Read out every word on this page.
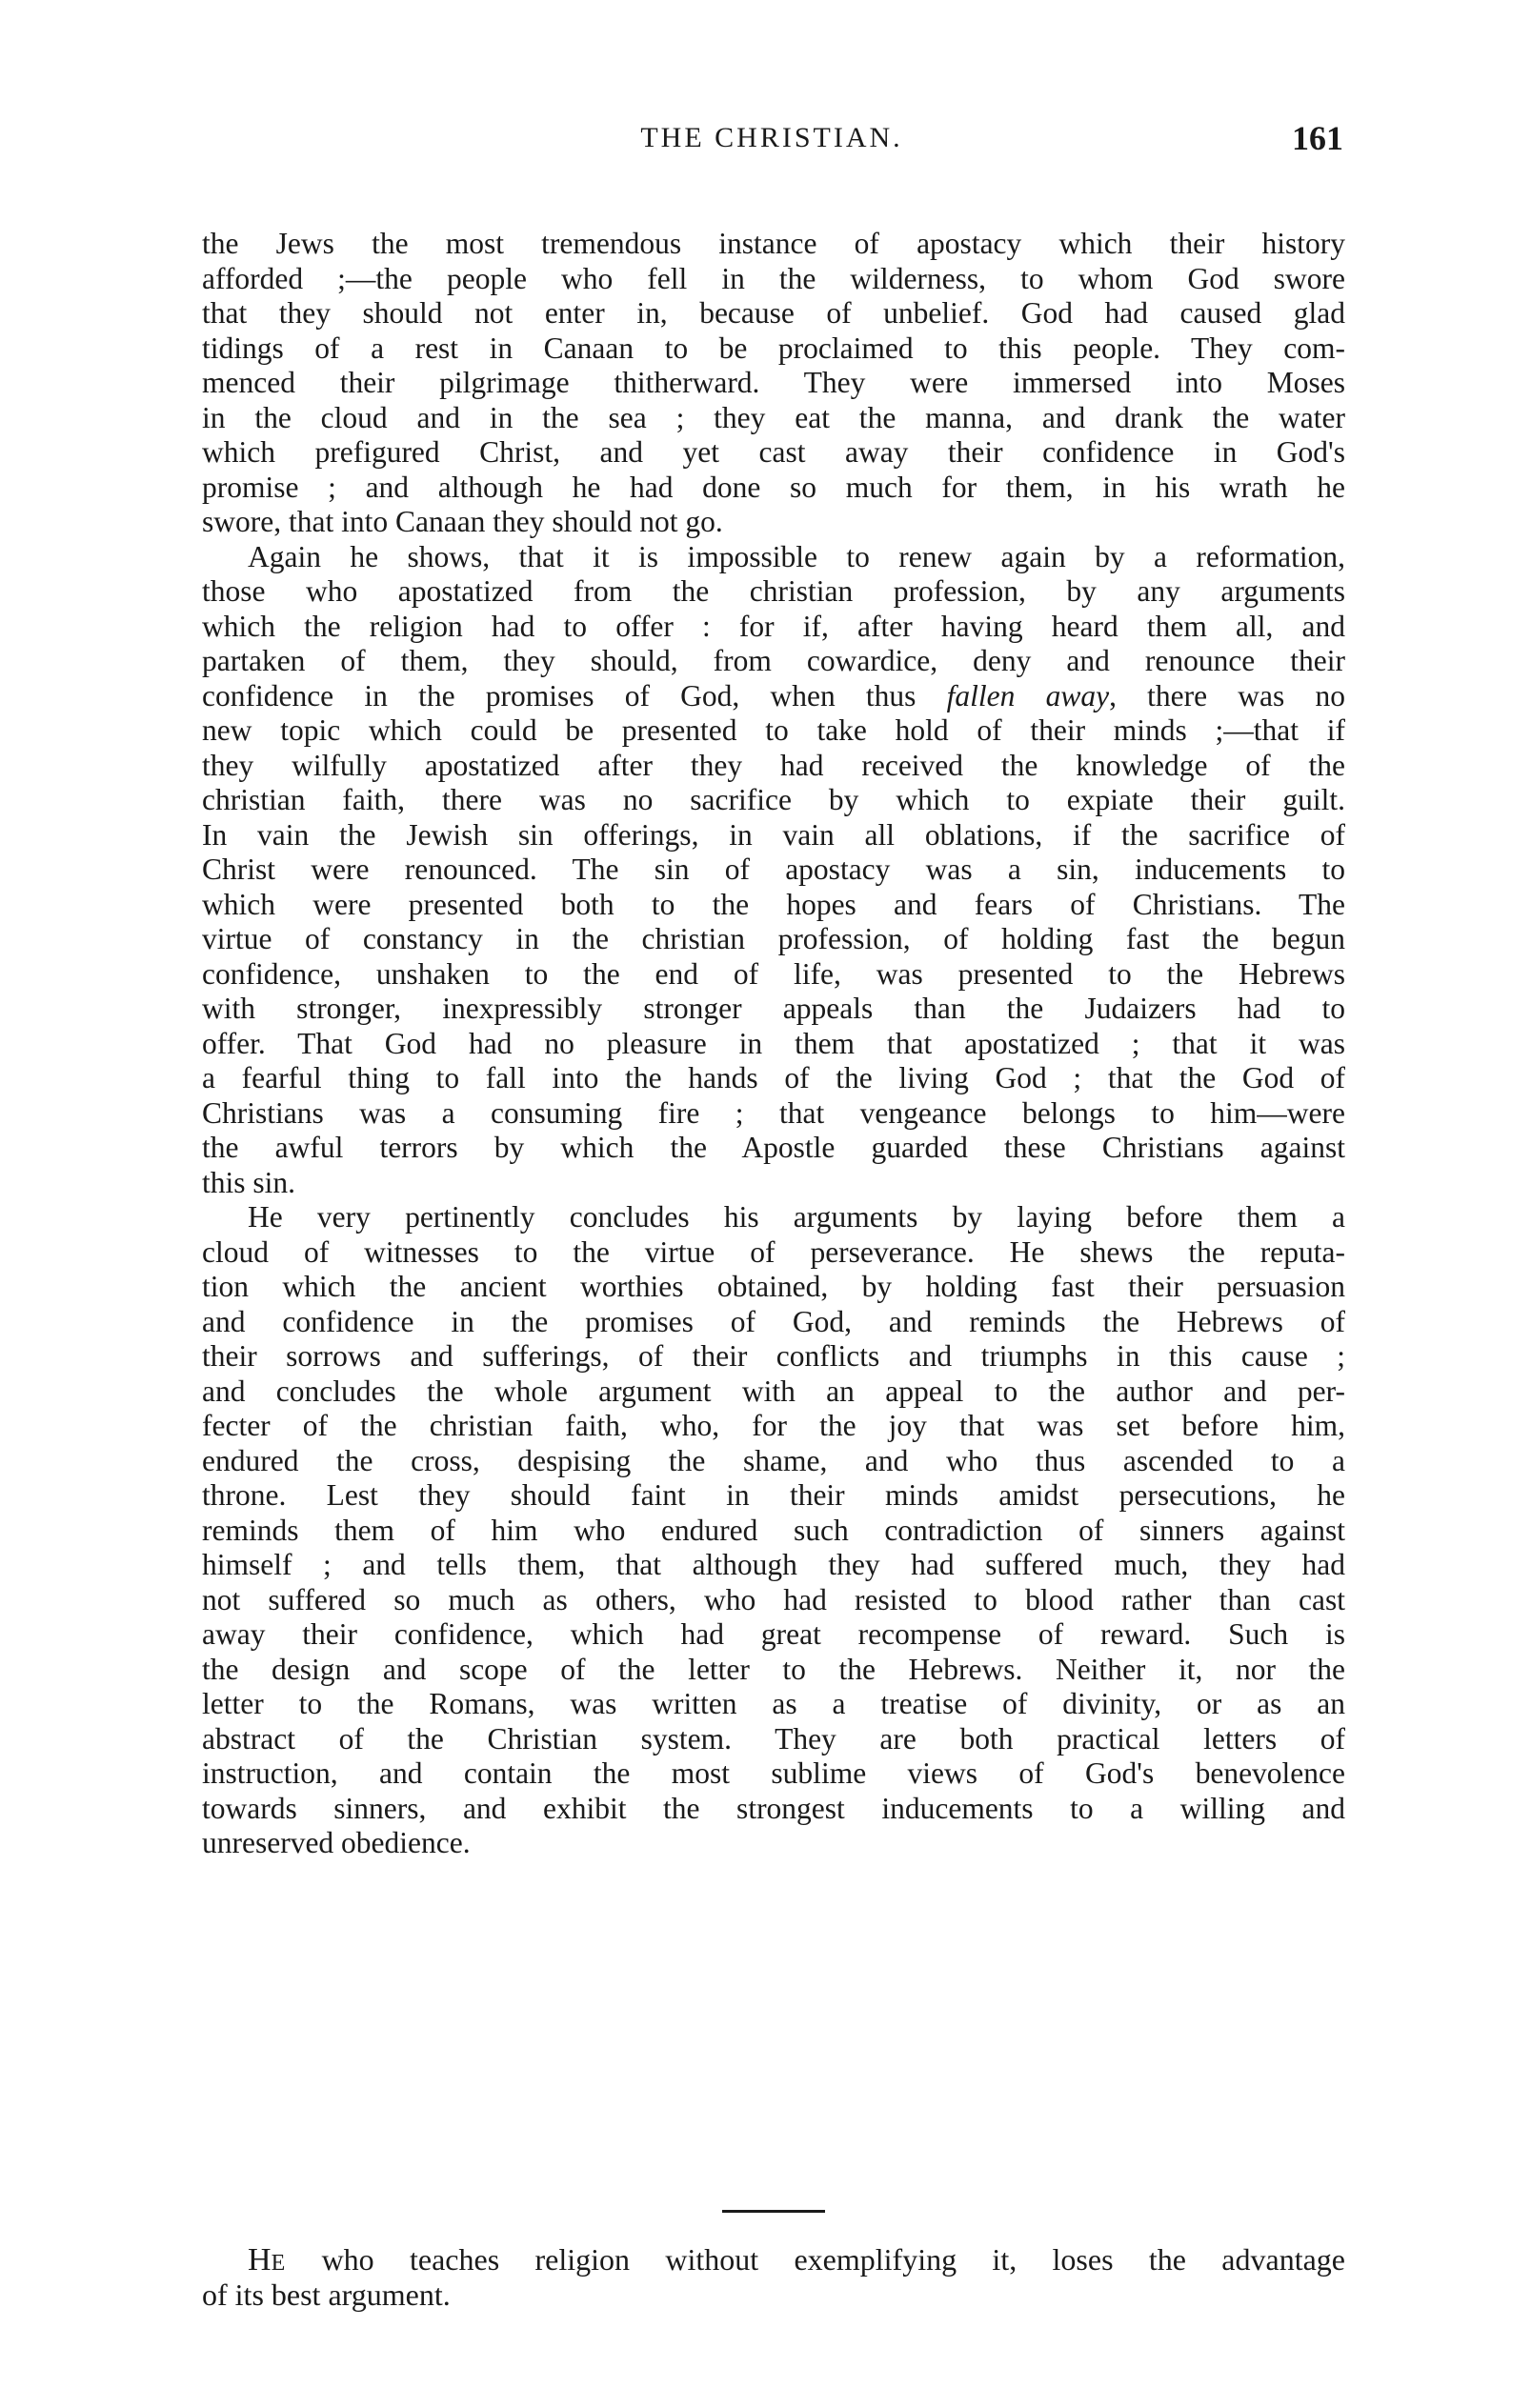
THE CHRISTIAN.	161
the Jews the most tremendous instance of apostacy which their history
afforded ;—the people who fell in the wilderness, to whom God swore
that they should not enter in, because of unbelief. God had caused glad
tidings of a rest in Canaan to be proclaimed to this people. They com-
menced their pilgrimage thitherward. They were immersed into Moses
in the cloud and in the sea ; they eat the manna, and drank the water
which prefigured Christ, and yet cast away their confidence in God's
promise ; and although he had done so much for them, in his wrath he
swore, that into Canaan they should not go.
Again he shows, that it is impossible to renew again by a reformation,
those who apostatized from the christian profession, by any arguments
which the religion had to offer : for if, after having heard them all, and
partaken of them, they should, from cowardice, deny and renounce their
confidence in the promises of God, when thus fallen away, there was no
new topic which could be presented to take hold of their minds ;—that if
they wilfully apostatized after they had received the knowledge of the
christian faith, there was no sacrifice by which to expiate their guilt.
In vain the Jewish sin offerings, in vain all oblations, if the sacrifice of
Christ were renounced. The sin of apostacy was a sin, inducements to
which were presented both to the hopes and fears of Christians. The
virtue of constancy in the christian profession, of holding fast the begun
confidence, unshaken to the end of life, was presented to the Hebrews
with stronger, inexpressibly stronger appeals than the Judaizers had to
offer. That God had no pleasure in them that apostatized ; that it was
a fearful thing to fall into the hands of the living God ; that the God of
Christians was a consuming fire ; that vengeance belongs to him—were
the awful terrors by which the Apostle guarded these Christians against
this sin.
He very pertinently concludes his arguments by laying before them a
cloud of witnesses to the virtue of perseverance. He shews the reputa-
tion which the ancient worthies obtained, by holding fast their persuasion
and confidence in the promises of God, and reminds the Hebrews of
their sorrows and sufferings, of their conflicts and triumphs in this cause ;
and concludes the whole argument with an appeal to the author and per-
fecter of the christian faith, who, for the joy that was set before him,
endured the cross, despising the shame, and who thus ascended to a
throne. Lest they should faint in their minds amidst persecutions, he
reminds them of him who endured such contradiction of sinners against
himself ; and tells them, that although they had suffered much, they had
not suffered so much as others, who had resisted to blood rather than cast
away their confidence, which had great recompense of reward. Such is
the design and scope of the letter to the Hebrews. Neither it, nor the
letter to the Romans, was written as a treatise of divinity, or as an
abstract of the Christian system. They are both practical letters of
instruction, and contain the most sublime views of God's benevolence
towards sinners, and exhibit the strongest inducements to a willing and
unreserved obedience.
HE who teaches religion without exemplifying it, loses the advantage
of its best argument.
